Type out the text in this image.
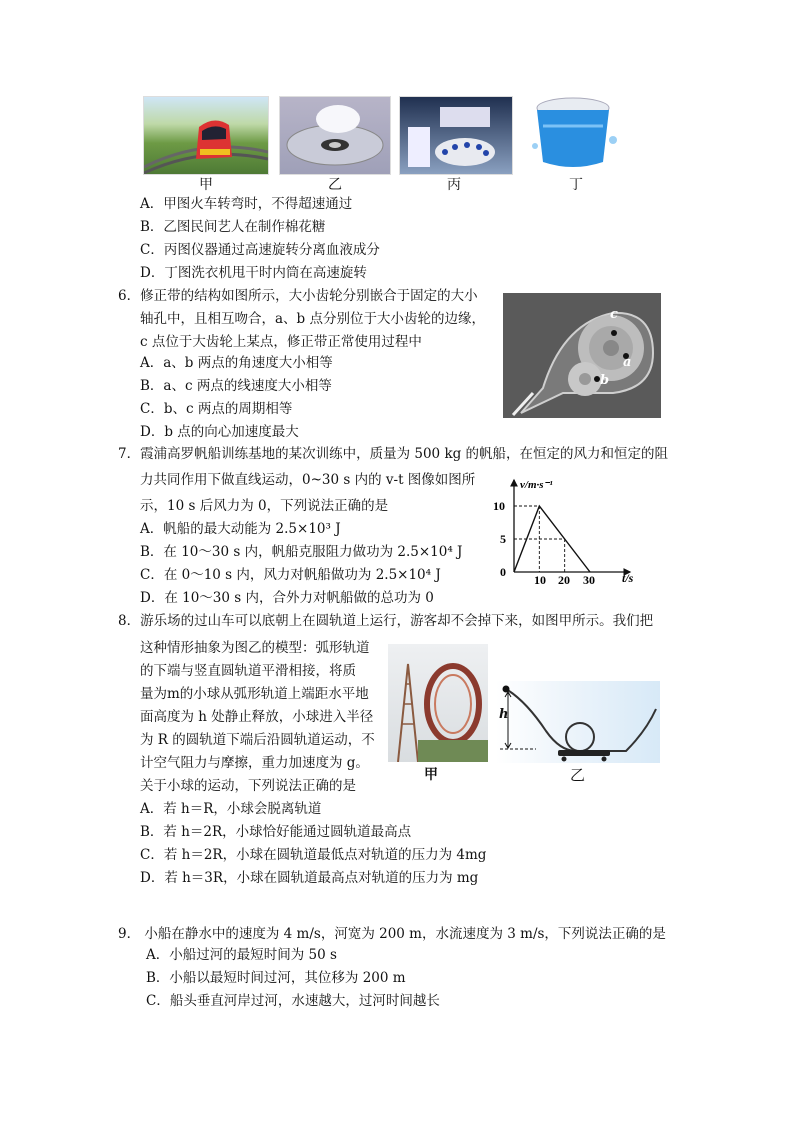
甲	乙	丙	丁
A．甲图火车转弯时，不得超速通过
B．乙图民间艺人在制作棉花糖
C．丙图仪器通过高速旋转分离血液成分
D．丁图洗衣机甩干时内筒在高速旋转
6．修正带的结构如图所示，大小齿轮分别嵌合于固定的大小
轴孔中，且相互吻合，a、b 点分别位于大小齿轮的边缘，
c 点位于大齿轮上某点，修正带正常使用过程中
A．a、b 两点的角速度大小相等
B．a、c 两点的线速度大小相等
C．b、c 两点的周期相等
D．b 点的向心加速度最大
c
a
b
7．霞浦高罗帆船训练基地的某次训练中，质量为 500 kg 的帆船，在恒定的风力和恒定的阻
力共同作用下做直线运动，0~30 s 内的 v-t 图像如图所
示，10 s 后风力为 0，下列说法正确的是
A．帆船的最大动能为 2.5×10³ J
B．在 10～30 s 内，帆船克服阻力做功为 2.5×10⁴ J
C．在 0～10 s 内，风力对帆船做功为 2.5×10⁴ J
D．在 10～30 s 内，合外力对帆船做的总功为 0
v/m·s⁻¹
t/s
0
10 20 30
5
10
8．游乐场的过山车可以底朝上在圆轨道上运行，游客却不会掉下来，如图甲所示。我们把
这种情形抽象为图乙的模型：弧形轨道
的下端与竖直圆轨道平滑相接，将质
量为m的小球从弧形轨道上端距水平地
面高度为 h 处静止释放，小球进入半径
为 R 的圆轨道下端后沿圆轨道运动，不
计空气阻力与摩擦，重力加速度为 g。
关于小球的运动，下列说法正确的是
A．若 h＝R，小球会脱离轨道
B．若 h＝2R，小球恰好能通过圆轨道最高点
C．若 h＝2R，小球在圆轨道最低点对轨道的压力为 4mg
D．若 h＝3R，小球在圆轨道最高点对轨道的压力为 mg
甲
h
乙
9． 小船在静水中的速度为 4 m/s，河宽为 200 m，水流速度为 3 m/s，下列说法正确的是
A．小船过河的最短时间为 50 s
B．小船以最短时间过河，其位移为 200 m
C．船头垂直河岸过河，水速越大，过河时间越长
